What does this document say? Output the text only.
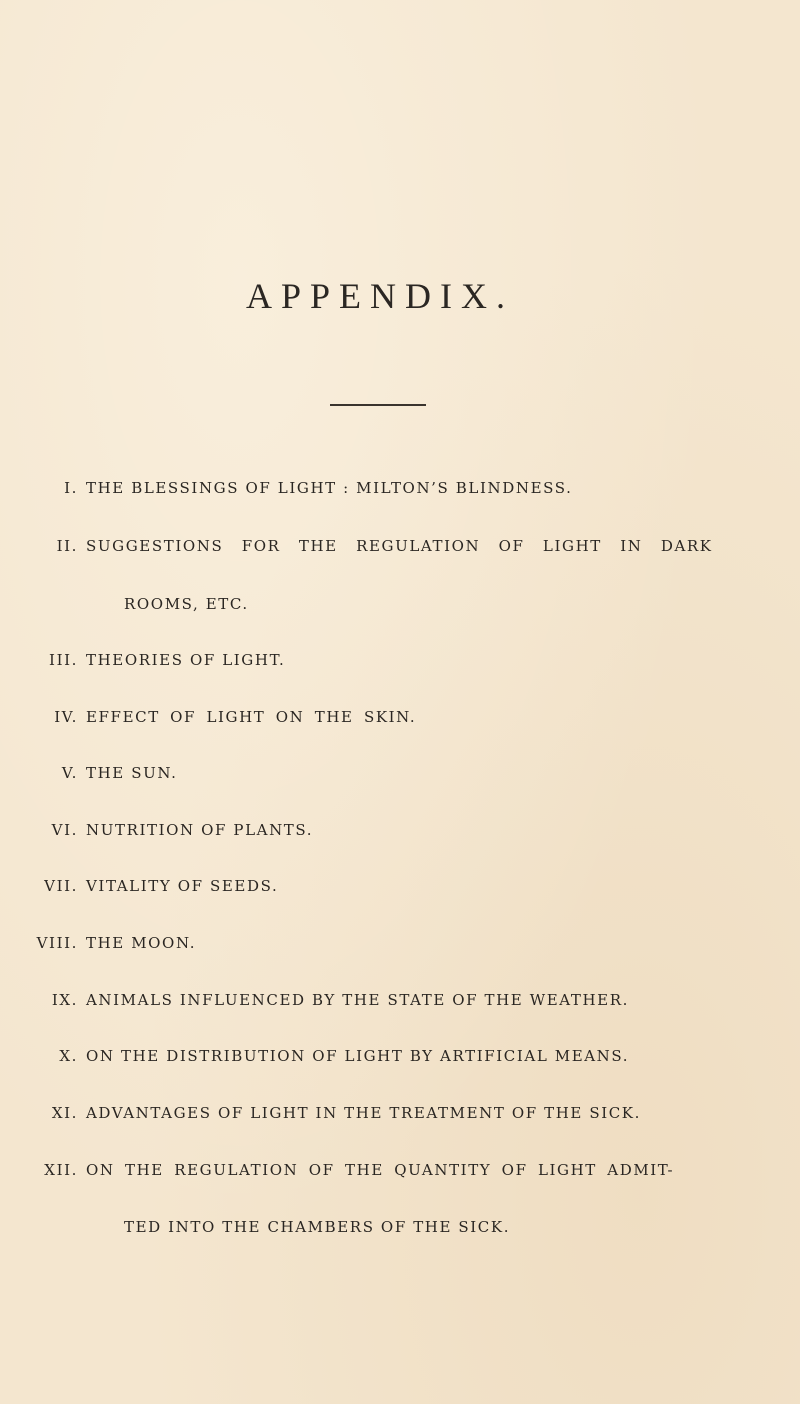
APPENDIX.
I. THE BLESSINGS OF LIGHT : MILTON’S BLINDNESS.
II. SUGGESTIONS FOR THE REGULATION OF LIGHT IN DARK
ROOMS, ETC.
III. THEORIES OF LIGHT.
IV. EFFECT OF LIGHT ON THE SKIN.
V. THE SUN.
VI. NUTRITION OF PLANTS.
VII. VITALITY OF SEEDS.
VIII. THE MOON.
IX. ANIMALS INFLUENCED BY THE STATE OF THE WEATHER.
X. ON THE DISTRIBUTION OF LIGHT BY ARTIFICIAL MEANS.
XI. ADVANTAGES OF LIGHT IN THE TREATMENT OF THE SICK.
XII. ON THE REGULATION OF THE QUANTITY OF LIGHT ADMIT-
TED INTO THE CHAMBERS OF THE SICK.
